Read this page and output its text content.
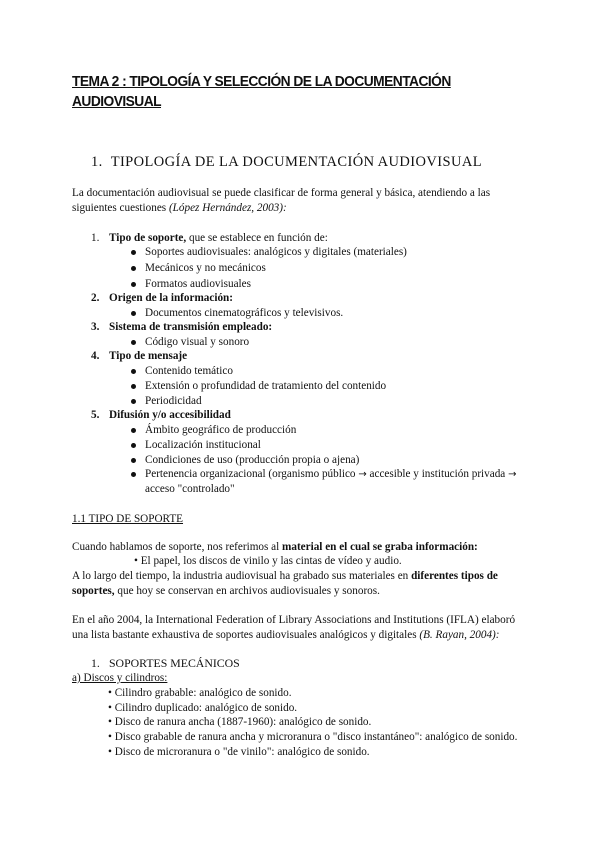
TEMA 2 : TIPOLOGÍA Y SELECCIÓN DE LA DOCUMENTACIÓN
AUDIOVISUAL
1. TIPOLOGÍA DE LA DOCUMENTACIÓN AUDIOVISUAL
La documentación audiovisual se puede clasificar de forma general y básica, atendiendo a las
siguientes cuestiones (López Hernández, 2003):
1. Tipo de soporte, que se establece en función de:
Soportes audiovisuales: analógicos y digitales (materiales)
Mecánicos y no mecánicos
Formatos audiovisuales
2. Origen de la información:
Documentos cinematográficos y televisivos.
3. Sistema de transmisión empleado:
Código visual y sonoro
4. Tipo de mensaje
Contenido temático
Extensión o profundidad de tratamiento del contenido
Periodicidad
5. Difusión y/o accesibilidad
Ámbito geográfico de producción
Localización institucional
Condiciones de uso (producción propia o ajena)
Pertenencia organizacional (organismo público → accesible y institución privada →
acceso "controlado"
1.1 TIPO DE SOPORTE
Cuando hablamos de soporte, nos referimos al material en el cual se graba información:
• El papel, los discos de vinilo y las cintas de vídeo y audio.
A lo largo del tiempo, la industria audiovisual ha grabado sus materiales en diferentes tipos de
soportes, que hoy se conservan en archivos audiovisuales y sonoros.
En el año 2004, la International Federation of Library Associations and Institutions (IFLA) elaboró
una lista bastante exhaustiva de soportes audiovisuales analógicos y digitales (B. Rayan, 2004):
1. SOPORTES MECÁNICOS
a) Discos y cilindros:
• Cilindro grabable: analógico de sonido.
• Cilindro duplicado: analógico de sonido.
• Disco de ranura ancha (1887-1960): analógico de sonido.
• Disco grabable de ranura ancha y microranura o "disco instantáneo": analógico de sonido.
• Disco de microranura o "de vinilo": analógico de sonido.
